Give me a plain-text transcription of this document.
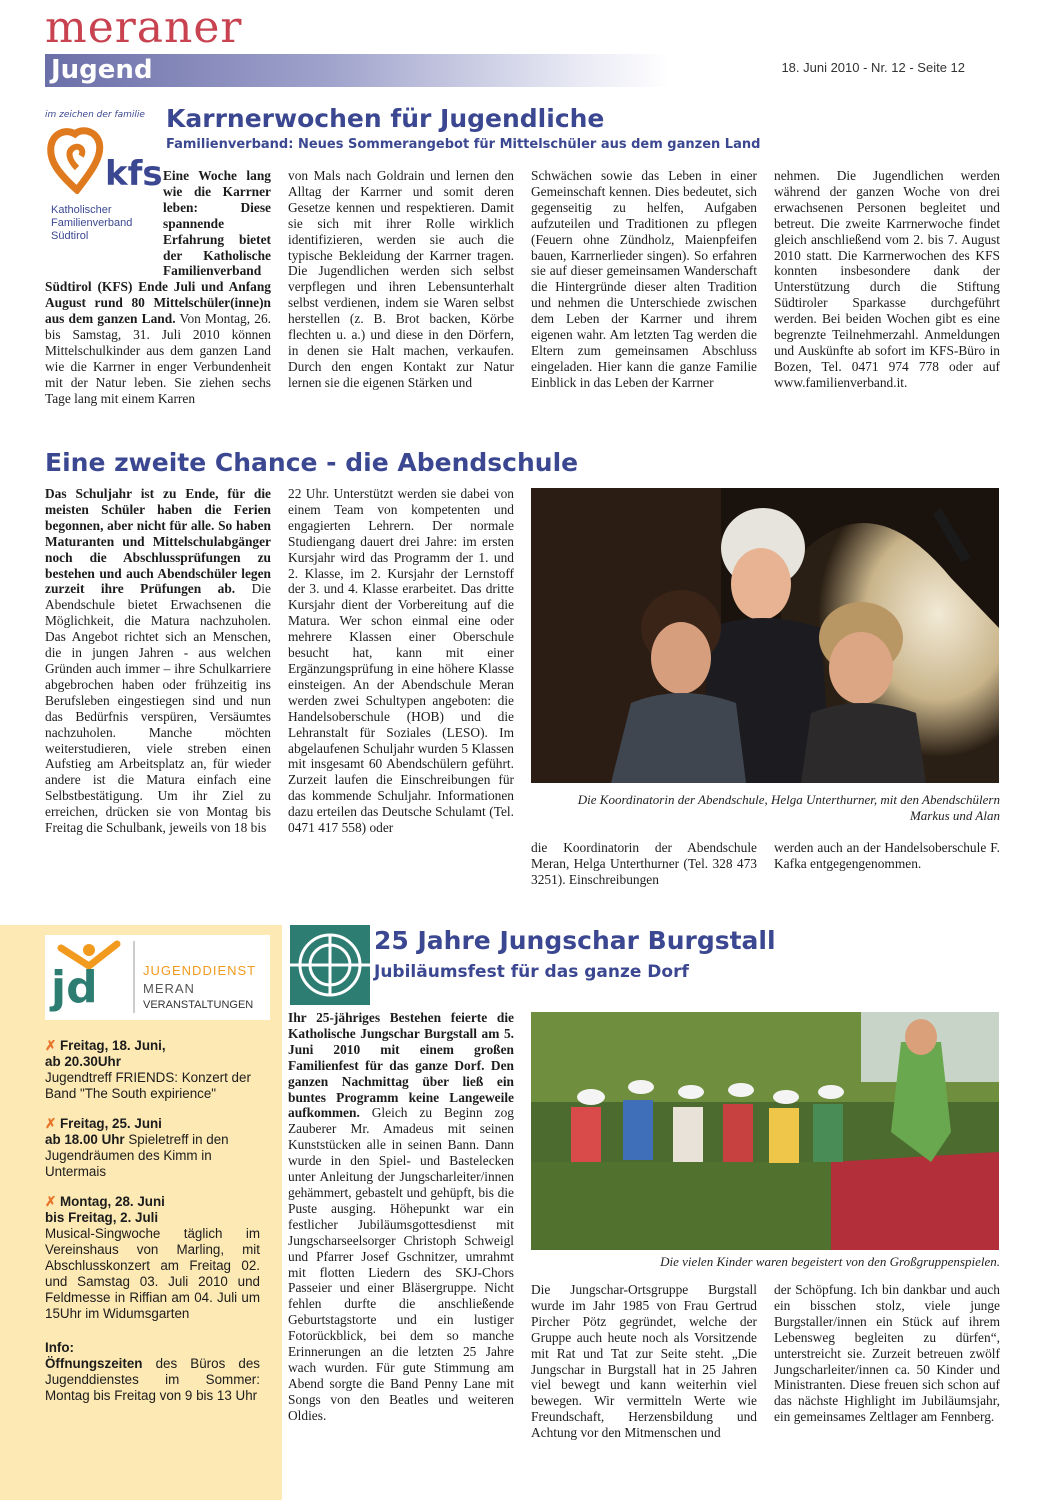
meraner
Jugend	18. Juni 2010 - Nr. 12 - Seite 12
im zeichen der familie
kfs
Katholischer Familienverband Südtirol
Karrnerwochen für Jugendliche
Familienverband: Neues Sommerangebot für Mittelschüler aus dem ganzen Land

Eine Woche lang wie die Karrner leben: Diese spannende Erfahrung bietet der Katholische Familienverband Südtirol (KFS) Ende Juli und Anfang August rund 80 Mittelschüler(inne)n aus dem ganzen Land. Von Montag, 26. bis Samstag, 31. Juli 2010 können Mittelschulkinder aus dem ganzen Land wie die Karrner in enger Verbundenheit mit der Natur leben. Sie ziehen sechs Tage lang mit einem Karren
von Mals nach Goldrain und lernen den Alltag der Karrner und somit deren Gesetze kennen und respektieren. Damit sie sich mit ihrer Rolle wirklich identifizieren, werden sie auch die typische Bekleidung der Karrner tragen. Die Jugendlichen werden sich selbst verpflegen und ihren Lebensunterhalt selbst verdienen, indem sie Waren selbst herstellen (z. B. Brot backen, Körbe flechten u. a.) und diese in den Dörfern, in denen sie Halt machen, verkaufen. Durch den engen Kontakt zur Natur lernen sie die eigenen Stärken und
Schwächen sowie das Leben in einer Gemeinschaft kennen. Dies bedeutet, sich gegenseitig zu helfen, Aufgaben aufzuteilen und Traditionen zu pflegen (Feuern ohne Zündholz, Maienpfeifen bauen, Karrnerlieder singen). So erfahren sie auf dieser gemeinsamen Wanderschaft die Hintergründe dieser alten Tradition und nehmen die Unterschiede zwischen dem Leben der Karrner und ihrem eigenen wahr. Am letzten Tag werden die Eltern zum gemeinsamen Abschluss eingeladen. Hier kann die ganze Familie Einblick in das Leben der Karrner
nehmen. Die Jugendlichen werden während der ganzen Woche von drei erwachsenen Personen begleitet und betreut. Die zweite Karrnerwoche findet gleich anschließend vom 2. bis 7. August 2010 statt. Die Karrnerwochen des KFS konnten insbesondere dank der Unterstützung durch die Stiftung Südtiroler Sparkasse durchgeführt werden. Bei beiden Wochen gibt es eine begrenzte Teilnehmerzahl. Anmeldungen und Auskünfte ab sofort im KFS-Büro in Bozen, Tel. 0471 974 778 oder auf www.familienverband.it.
Eine zweite Chance - die Abendschule
Das Schuljahr ist zu Ende, für die meisten Schüler haben die Ferien begonnen, aber nicht für alle. So haben Maturanten und Mittelschulabgänger noch die Abschlussprüfungen zu bestehen und auch Abendschüler legen zurzeit ihre Prüfungen ab. Die Abendschule bietet Erwachsenen die Möglichkeit, die Matura nachzuholen. Das Angebot richtet sich an Menschen, die in jungen Jahren - aus welchen Gründen auch immer – ihre Schulkarriere abgebrochen haben oder frühzeitig ins Berufsleben eingestiegen sind und nun das Bedürfnis verspüren, Versäumtes nachzuholen. Manche möchten weiterstudieren, viele streben einen Aufstieg am Arbeitsplatz an, für wieder andere ist die Matura einfach eine Selbstbestätigung. Um ihr Ziel zu erreichen, drücken sie von Montag bis Freitag die Schulbank, jeweils von 18 bis
22 Uhr. Unterstützt werden sie dabei von einem Team von kompetenten und engagierten Lehrern. Der normale Studiengang dauert drei Jahre: im ersten Kursjahr wird das Programm der 1. und 2. Klasse, im 2. Kursjahr der Lernstoff der 3. und 4. Klasse erarbeitet. Das dritte Kursjahr dient der Vorbereitung auf die Matura. Wer schon einmal eine oder mehrere Klassen einer Oberschule besucht hat, kann mit einer Ergänzungsprüfung in eine höhere Klasse einsteigen. An der Abendschule Meran werden zwei Schultypen angeboten: die Handelsoberschule (HOB) und die Lehranstalt für Soziales (LESO). Im abgelaufenen Schuljahr wurden 5 Klassen mit insgesamt 60 Abendschülern geführt. Zurzeit laufen die Einschreibungen für das kommende Schuljahr. Informationen dazu erteilen das Deutsche Schulamt (Tel. 0471 417 558) oder
Die Koordinatorin der Abendschule, Helga Unterthurner, mit den Abendschülern Markus und Alan
die Koordinatorin der Abendschule Meran, Helga Unterthurner (Tel. 328 473 3251). Einschreibungen
werden auch an der Handelsoberschule F. Kafka entgegengenommen.
jd	JUGENDDIENST
MERAN
VERANSTALTUNGEN
✗ Freitag, 18. Juni,
ab 20.30Uhr
Jugendtreff FRIENDS: Konzert der Band "The South expirience"
✗ Freitag, 25. Juni
ab 18.00 Uhr Spieletreff in den Jugendräumen des Kimm in Untermais
✗ Montag, 28. Juni
bis Freitag, 2. Juli
Musical-Singwoche täglich im Vereinshaus von Marling, mit Abschlusskonzert am Freitag 02. und Samstag 03. Juli 2010 und Feldmesse in Riffian am 04. Juli um 15Uhr im Widumsgarten
Info:
Öffnungszeiten des Büros des Jugenddienstes im Sommer: Montag bis Freitag von 9 bis 13 Uhr
25 Jahre Jungschar Burgstall
Jubiläumsfest für das ganze Dorf
Ihr 25-jähriges Bestehen feierte die Katholische Jungschar Burgstall am 5. Juni 2010 mit einem großen Familienfest für das ganze Dorf. Den ganzen Nachmittag über ließ ein buntes Programm keine Langeweile aufkommen. Gleich zu Beginn zog Zauberer Mr. Amadeus mit seinen Kunststücken alle in seinen Bann. Dann wurde in den Spiel- und Bastelecken unter Anleitung der Jungscharleiter/innen gehämmert, gebastelt und gehüpft, bis die Puste ausging. Höhepunkt war ein festlicher Jubiläumsgottesdienst mit Jungscharseelsorger Christoph Schweigl und Pfarrer Josef Gschnitzer, umrahmt mit flotten Liedern des SKJ-Chors Passeier und einer Bläsergruppe. Nicht fehlen durfte die anschließende Geburtstagstorte und ein lustiger Fotorückblick, bei dem so manche Erinnerungen an die letzten 25 Jahre wach wurden. Für gute Stimmung am Abend sorgte die Band Penny Lane mit Songs von den Beatles und weiteren Oldies.
Die vielen Kinder waren begeistert von den Großgruppenspielen.
Die Jungschar-Ortsgruppe Burgstall wurde im Jahr 1985 von Frau Gertrud Pircher Pötz gegründet, welche der Gruppe auch heute noch als Vorsitzende mit Rat und Tat zur Seite steht. „Die Jungschar in Burgstall hat in 25 Jahren viel bewegt und kann weiterhin viel bewegen. Wir vermitteln Werte wie Freundschaft, Herzensbildung und Achtung vor den Mitmenschen und
der Schöpfung. Ich bin dankbar und auch ein bisschen stolz, viele junge Burgstaller/innen ein Stück auf ihrem Lebensweg begleiten zu dürfen“, unterstreicht sie. Zurzeit betreuen zwölf Jungscharleiter/innen ca. 50 Kinder und Ministranten. Diese freuen sich schon auf das nächste Highlight im Jubiläumsjahr, ein gemeinsames Zeltlager am Fennberg.
